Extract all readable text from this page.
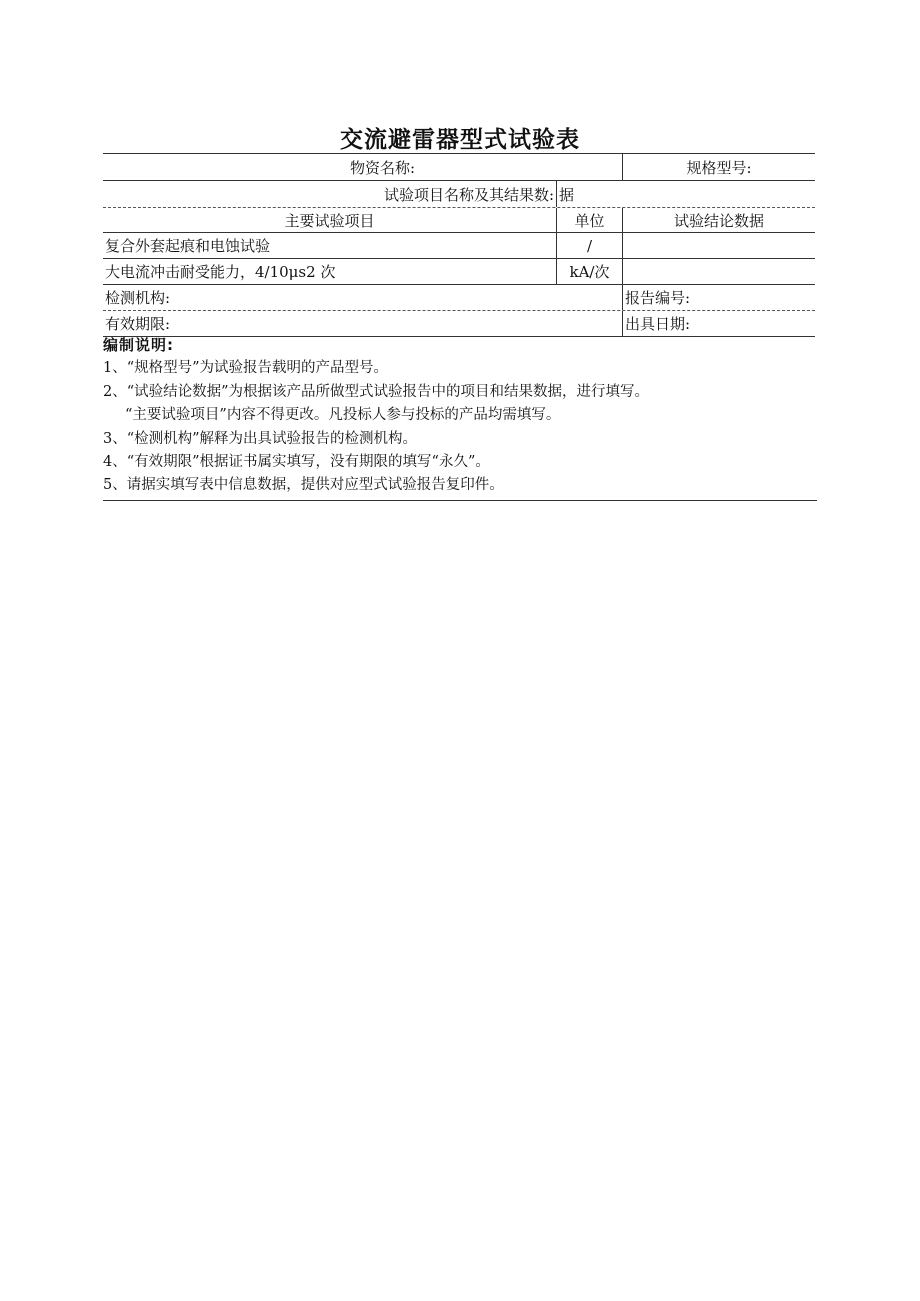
交流避雷器型式试验表
物资名称:	规格型号:
试验项目名称及其结果数: 据
主要试验项目	单位	试验结论数据
复合外套起痕和电蚀试验	/
大电流冲击耐受能力，4/10μs2 次	kA/次
检测机构:	报告编号:
有效期限:	出具日期:
编制说明:
1、“规格型号”为试验报告载明的产品型号。
2、“试验结论数据”为根据该产品所做型式试验报告中的项目和结果数据，进行填写。
“主要试验项目”内容不得更改。凡投标人参与投标的产品均需填写。
3、“检测机构”解释为出具试验报告的检测机构。
4、“有效期限”根据证书属实填写，没有期限的填写“永久”。
5、请据实填写表中信息数据，提供对应型式试验报告复印件。
